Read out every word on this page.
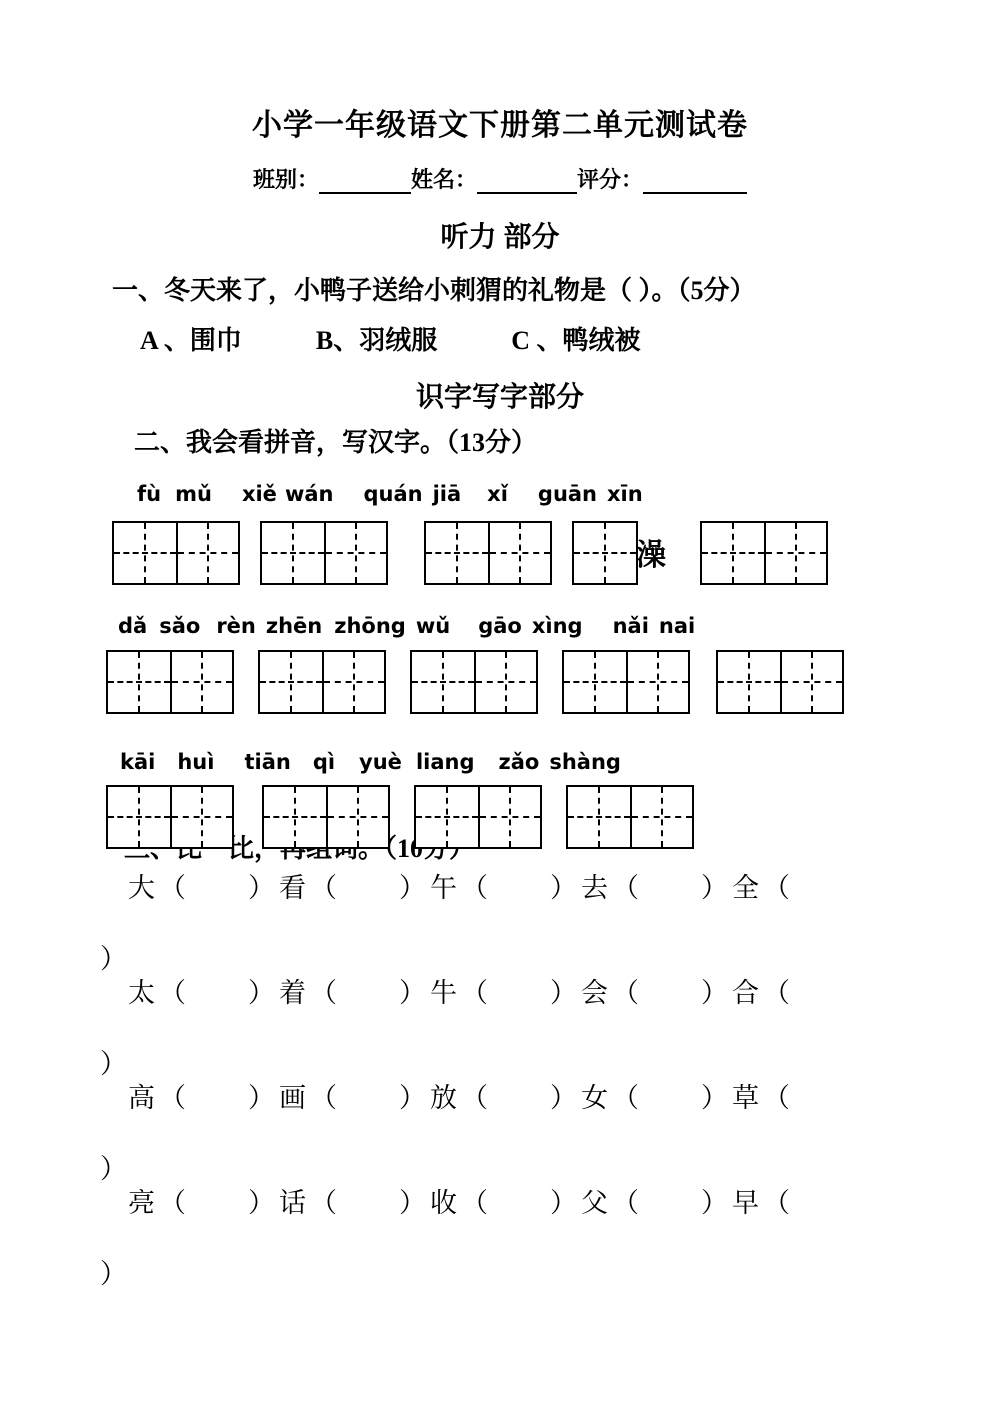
小学一年级语文下册第二单元测试卷
班别：	姓名：	评分：
听力 部分
一、冬天来了，小鸭子送给小刺猬的礼物是（ ）。（5分）
A 、围巾	B、羽绒服	C 、鸭绒被
识字写字部分
二、我会看拼音，写汉字。（13分）
fù mǔ xiě wán quán jiā xǐ guān xīn
dǎ sǎo rèn zhēn zhōng wǔ gāo xìng nǎi nai
kāi huì tiān qì yuè liang zǎo shàng
大 （ ） 看 （ ） 午 （ ） 去 （ ） 全 （
）
太 （ ） 着 （ ） 牛 （ ） 会 （ ） 合 （
）
高 （ ） 画 （ ） 放 （ ） 女 （ ） 草 （
）
亮 （ ） 话 （ ） 收 （ ） 父 （ ） 早 （
）
澡
